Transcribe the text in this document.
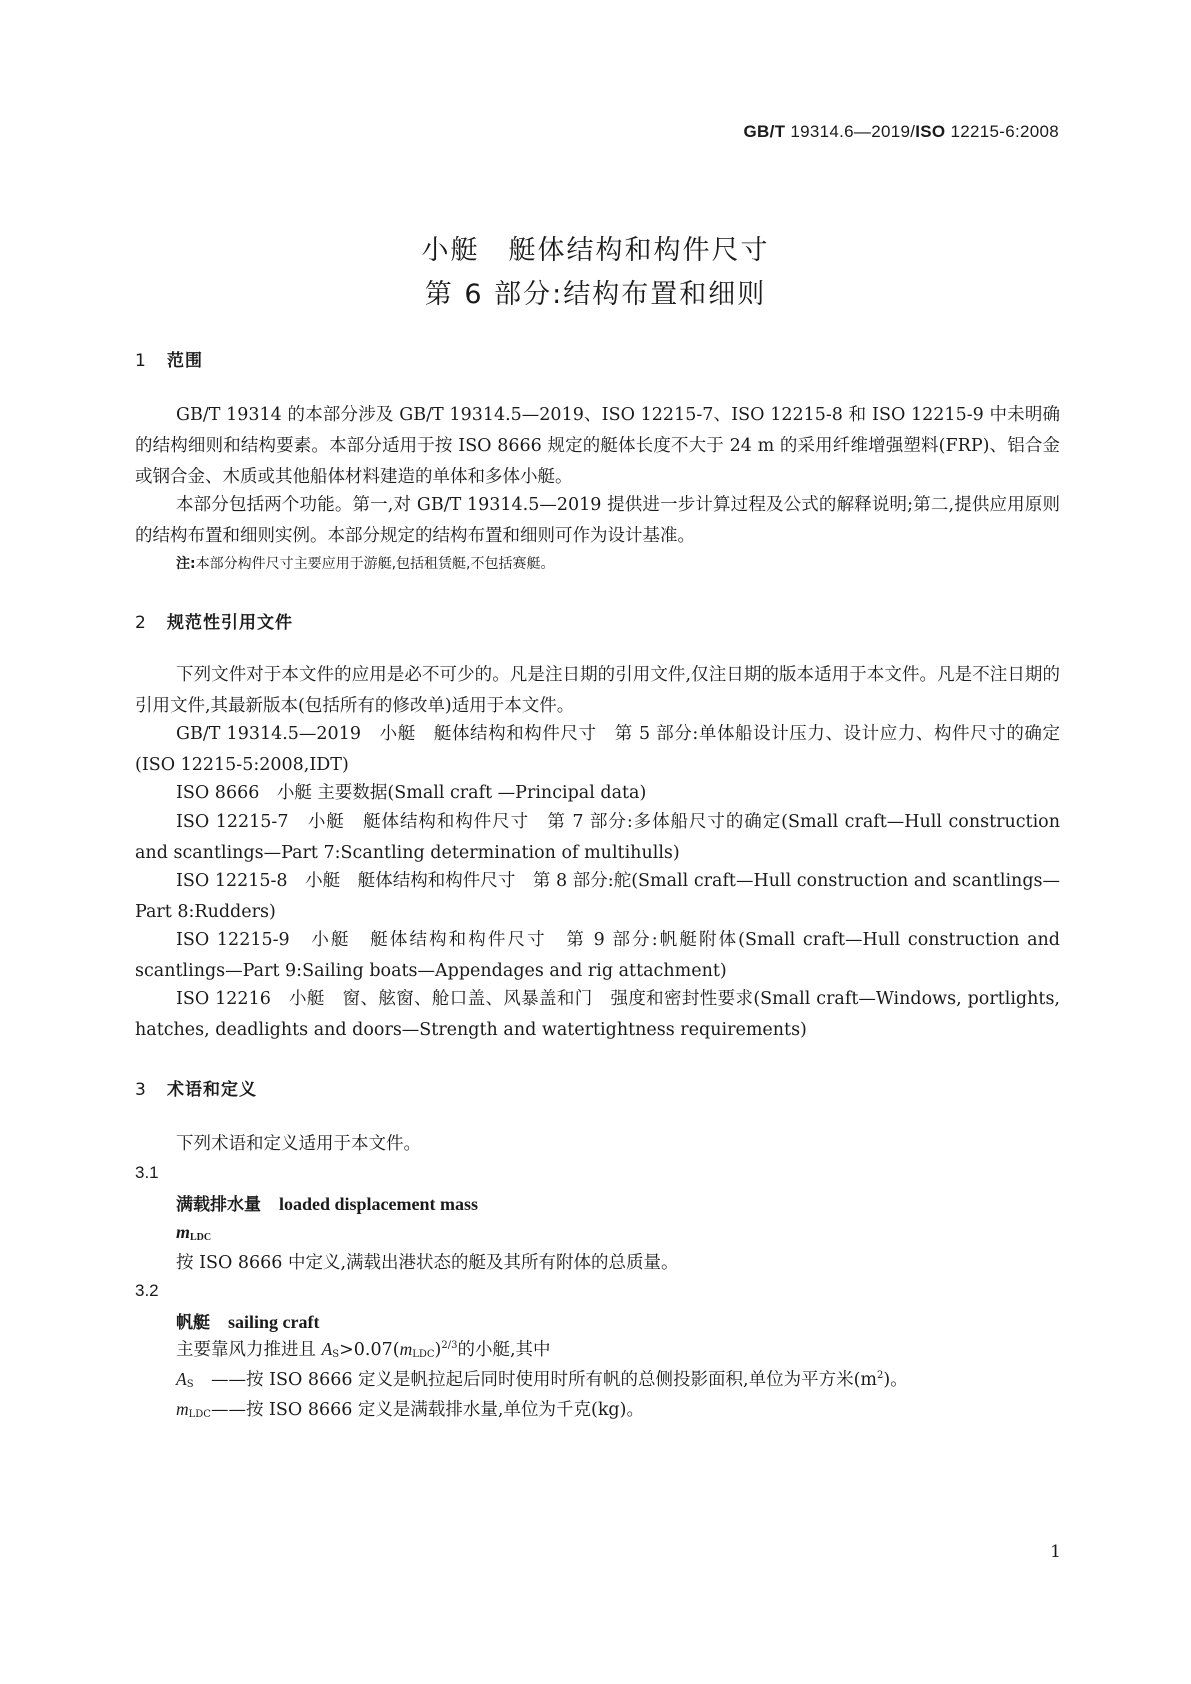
GB/T 19314.6—2019/ISO 12215-6:2008
小艇　艇体结构和构件尺寸
第 6 部分:结构布置和细则
1 范围
GB/T 19314 的本部分涉及 GB/T 19314.5—2019、ISO 12215-7、ISO 12215-8 和 ISO 12215-9 中未明确的结构细则和结构要素。本部分适用于按 ISO 8666 规定的艇体长度不大于 24 m 的采用纤维增强塑料(FRP)、铝合金或钢合金、木质或其他船体材料建造的单体和多体小艇。
本部分包括两个功能。第一,对 GB/T 19314.5—2019 提供进一步计算过程及公式的解释说明;第二,提供应用原则的结构布置和细则实例。本部分规定的结构布置和细则可作为设计基准。
注:本部分构件尺寸主要应用于游艇,包括租赁艇,不包括赛艇。
2 规范性引用文件
下列文件对于本文件的应用是必不可少的。凡是注日期的引用文件,仅注日期的版本适用于本文件。凡是不注日期的引用文件,其最新版本(包括所有的修改单)适用于本文件。
GB/T 19314.5—2019　小艇　艇体结构和构件尺寸　第 5 部分:单体船设计压力、设计应力、构件尺寸的确定(ISO 12215-5:2008,IDT)
ISO 8666　小艇 主要数据(Small craft —Principal data)
ISO 12215-7　小艇　艇体结构和构件尺寸　第 7 部分:多体船尺寸的确定(Small craft—Hull construction and scantlings—Part 7:Scantling determination of multihulls)
ISO 12215-8　小艇　艇体结构和构件尺寸　第 8 部分:舵(Small craft—Hull construction and scantlings—Part 8:Rudders)
ISO 12215-9　小艇　艇体结构和构件尺寸　第 9 部分:帆艇附体(Small craft—Hull construction and scantlings—Part 9:Sailing boats—Appendages and rig attachment)
ISO 12216　小艇　窗、舷窗、舱口盖、风暴盖和门　强度和密封性要求(Small craft—Windows, portlights, hatches, deadlights and doors—Strength and watertightness requirements)
3 术语和定义
下列术语和定义适用于本文件。
3.1
满载排水量 loaded displacement mass
$m_{LDC}$
按 ISO 8666 中定义,满载出港状态的艇及其所有附体的总质量。
3.2
帆艇 sailing craft
主要靠风力推进且 $A_S>0.07(m_{LDC})^{2/3}$的小艇,其中
$A_S$　——按 ISO 8666 定义是帆拉起后同时使用时所有帆的总侧投影面积,单位为平方米$(m^2)$。
$m_{LDC}——$按 ISO 8666 定义是满载排水量,单位为千克(kg)。
1
